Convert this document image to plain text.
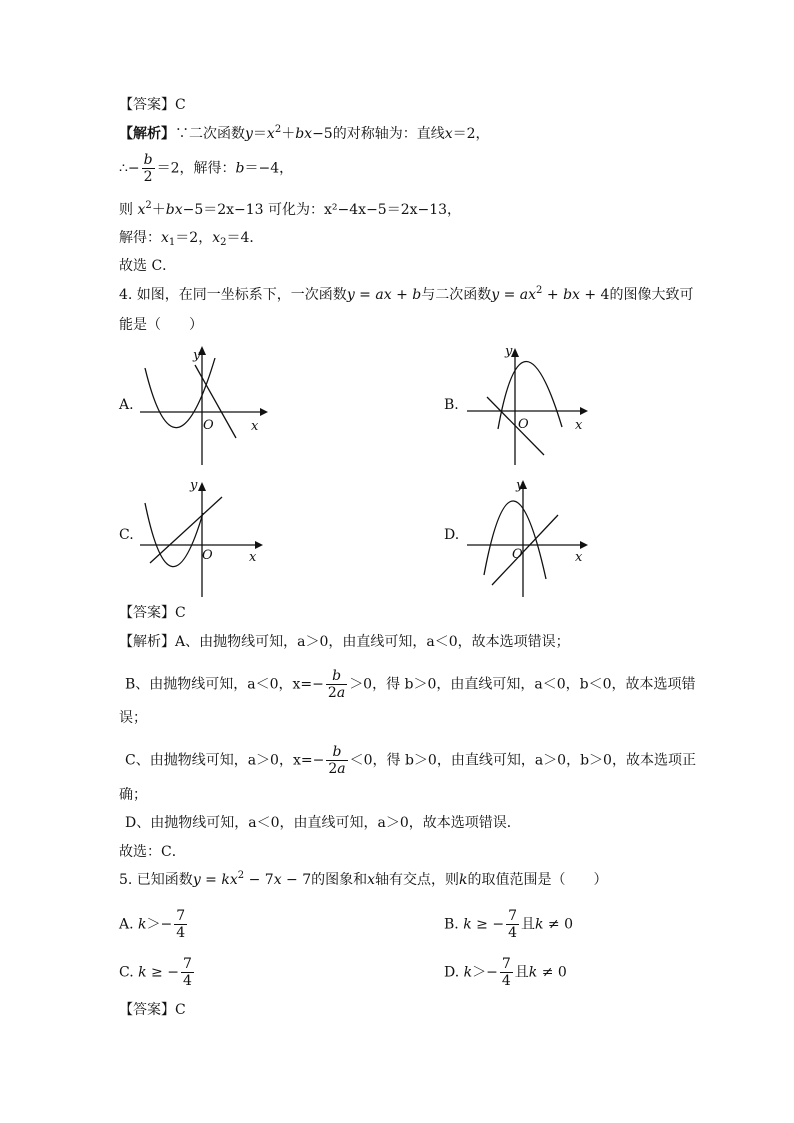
【答案】C
【解析】∵二次函数$y=x^2+bx-5$的对称轴为：直线x＝2，
∴− $\frac{b}{2} =2$，解得：b＝−4，
则 $x^2+bx-5=2x-13$ 可化为：x²−4x−5＝2x−13，
解得：$x_1=2$，$x_2=4$．
故选 C．
4. 如图，在同一坐标系下，一次函数y = ax + b与二次函数$y = ax^2$ + bx + 4的图像大致可
能是（　　）
A.
y
x
O
B.
y
x
O
C.
y
x
O
D.
y
x
O
【答案】C
【解析】A、由抛物线可知，a＞0，由直线可知，a＜0，故本选项错误；
B、由抛物线可知，a＜0，$x=- \frac{b}{2a} >0$，得 b＞0，由直线可知，a＜0，b＜0，故本选项错
误；
C、由抛物线可知，a＞0，$x=- \frac{b}{2a} <0$，得 b＞0，由直线可知，a＞0，b＞0，故本选项正
确；
D、由抛物线可知，a＜0，由直线可知，a＞0，故本选项错误．
故选：C．
5. 已知函数$y = kx^2 - 7x - 7$的图象和x轴有交点，则k的取值范围是（　　）
A. $k>- \frac{7}{4}$	B. k ≥ − $\frac{7}{4}$ 且k ≠ 0
C. k ≥ − $\frac{7}{4}$	D. $k>- \frac{7}{4}$ 且k ≠ 0
【答案】C
